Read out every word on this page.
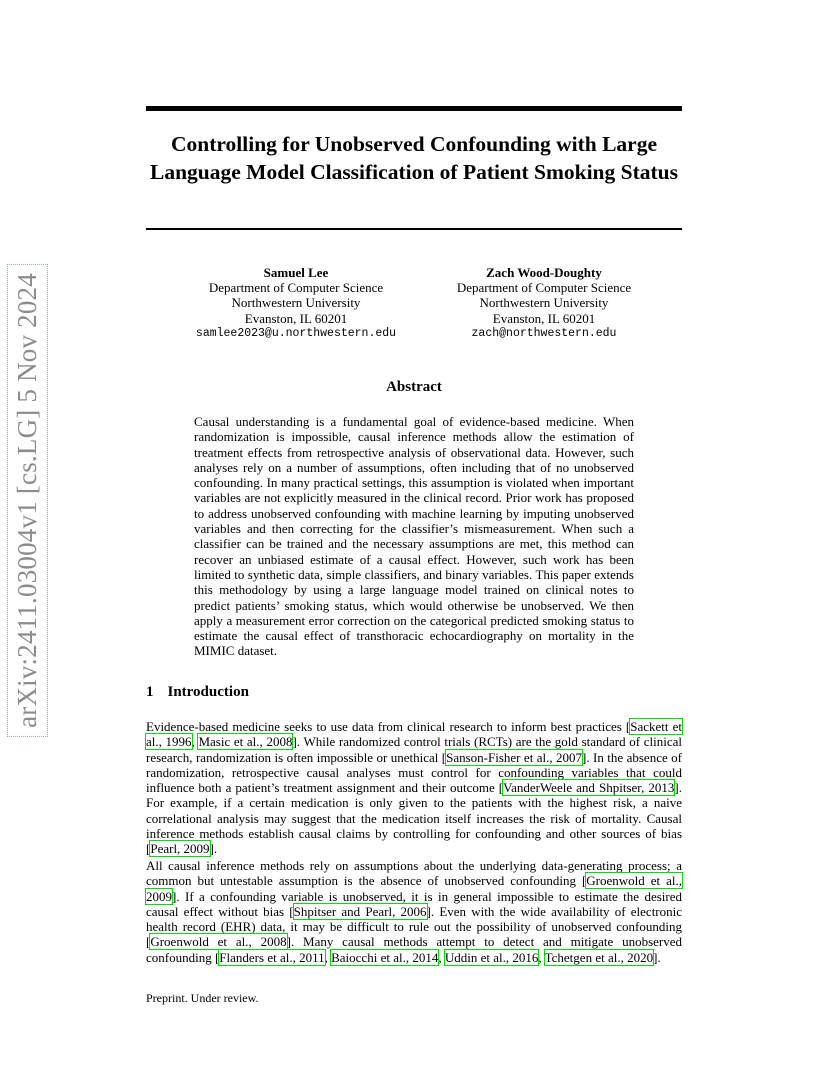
arXiv:2411.03004v1 [cs.LG] 5 Nov 2024
Controlling for Unobserved Confounding with Large Language Model Classification of Patient Smoking Status
Samuel Lee
Department of Computer Science
Northwestern University
Evanston, IL 60201
samlee2023@u.northwestern.edu
Zach Wood-Doughty
Department of Computer Science
Northwestern University
Evanston, IL 60201
zach@northwestern.edu
Abstract
Causal understanding is a fundamental goal of evidence-based medicine. When randomization is impossible, causal inference methods allow the estimation of treatment effects from retrospective analysis of observational data. However, such analyses rely on a number of assumptions, often including that of no unobserved confounding. In many practical settings, this assumption is violated when important variables are not explicitly measured in the clinical record. Prior work has proposed to address unobserved confounding with machine learning by imputing unobserved variables and then correcting for the classifier’s mismeasurement. When such a classifier can be trained and the necessary assumptions are met, this method can recover an unbiased estimate of a causal effect. However, such work has been limited to synthetic data, simple classifiers, and binary variables. This paper extends this methodology by using a large language model trained on clinical notes to predict patients’ smoking status, which would otherwise be unobserved. We then apply a measurement error correction on the categorical predicted smoking status to estimate the causal effect of transthoracic echocardiography on mortality in the MIMIC dataset.
1 Introduction
Evidence-based medicine seeks to use data from clinical research to inform best practices [Sackett et al., 1996, Masic et al., 2008]. While randomized control trials (RCTs) are the gold standard of clinical research, randomization is often impossible or unethical [Sanson-Fisher et al., 2007]. In the absence of randomization, retrospective causal analyses must control for confounding variables that could influence both a patient’s treatment assignment and their outcome [VanderWeele and Shpitser, 2013]. For example, if a certain medication is only given to the patients with the highest risk, a naive correlational analysis may suggest that the medication itself increases the risk of mortality. Causal inference methods establish causal claims by controlling for confounding and other sources of bias [Pearl, 2009].
All causal inference methods rely on assumptions about the underlying data-generating process; a common but untestable assumption is the absence of unobserved confounding [Groenwold et al., 2009]. If a confounding variable is unobserved, it is in general impossible to estimate the desired causal effect without bias [Shpitser and Pearl, 2006]. Even with the wide availability of electronic health record (EHR) data, it may be difficult to rule out the possibility of unobserved confounding [Groenwold et al., 2008]. Many causal methods attempt to detect and mitigate unobserved confounding [Flanders et al., 2011, Baiocchi et al., 2014, Uddin et al., 2016, Tchetgen et al., 2020].
Preprint. Under review.
